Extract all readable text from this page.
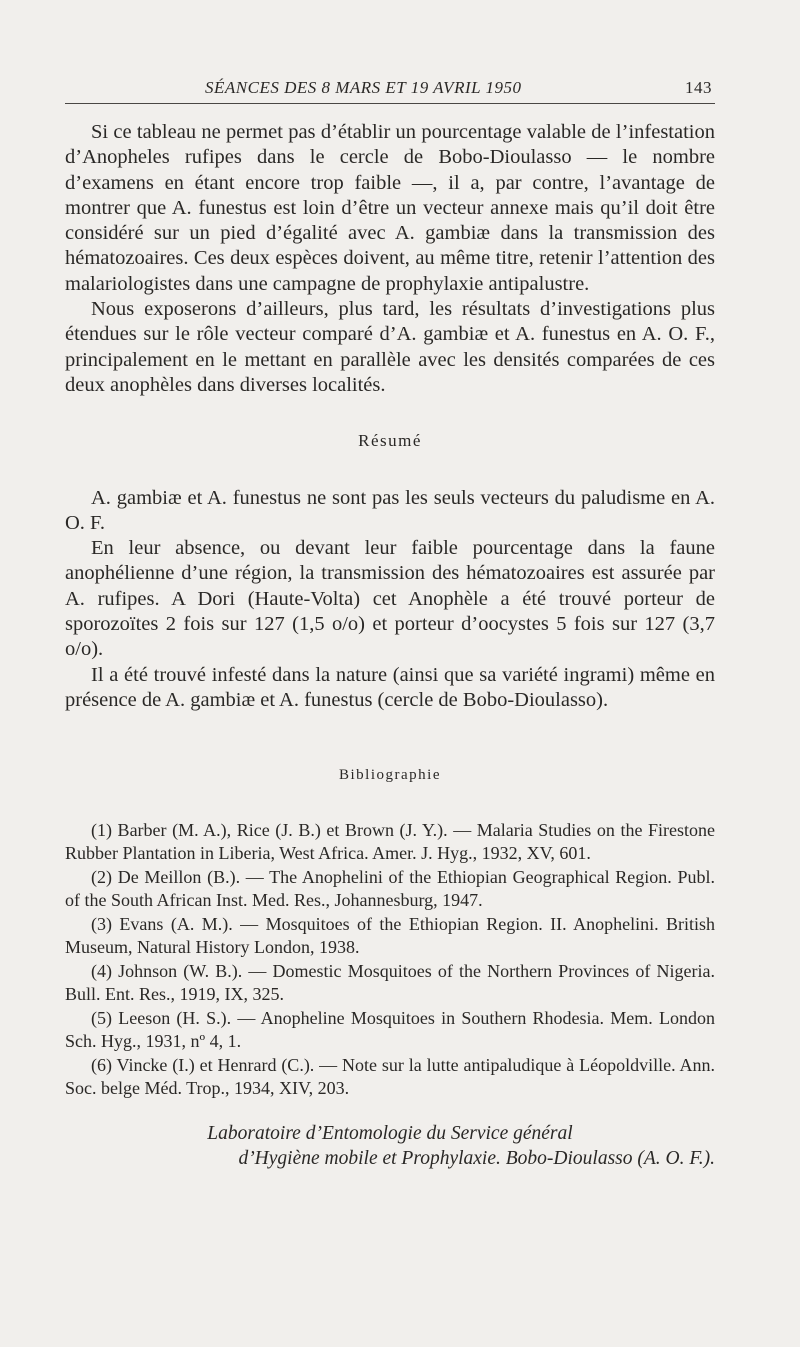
SÉANCES DES 8 MARS ET 19 AVRIL 1950	143

Si ce tableau ne permet pas d’établir un pourcentage valable de l’infestation d’Anopheles rufipes dans le cercle de Bobo-Dioulasso — le nombre d’examens en étant encore trop faible —, il a, par contre, l’avantage de montrer que A. funestus est loin d’être un vecteur annexe mais qu’il doit être considéré sur un pied d’égalité avec A. gambiæ dans la transmission des hématozoaires. Ces deux espèces doivent, au même titre, retenir l’attention des malariologistes dans une campagne de prophylaxie antipalustre.

Nous exposerons d’ailleurs, plus tard, les résultats d’investigations plus étendues sur le rôle vecteur comparé d’A. gambiæ et A. funestus en A. O. F., principalement en le mettant en parallèle avec les densités comparées de ces deux anophèles dans diverses localités.

Résumé

A. gambiæ et A. funestus ne sont pas les seuls vecteurs du paludisme en A. O. F.

En leur absence, ou devant leur faible pourcentage dans la faune anophélienne d’une région, la transmission des hématozoaires est assurée par A. rufipes. A Dori (Haute-Volta) cet Anophèle a été trouvé porteur de sporozoïtes 2 fois sur 127 (1,5 o/o) et porteur d’oocystes 5 fois sur 127 (3,7 o/o).

Il a été trouvé infesté dans la nature (ainsi que sa variété ingrami) même en présence de A. gambiæ et A. funestus (cercle de Bobo-Dioulasso).

Bibliographie

(1) Barber (M. A.), Rice (J. B.) et Brown (J. Y.). — Malaria Studies on the Firestone Rubber Plantation in Liberia, West Africa. Amer. J. Hyg., 1932, XV, 601.

(2) De Meillon (B.). — The Anophelini of the Ethiopian Geographical Region. Publ. of the South African Inst. Med. Res., Johannesburg, 1947.

(3) Evans (A. M.). — Mosquitoes of the Ethiopian Region. II. Anophelini. British Museum, Natural History London, 1938.

(4) Johnson (W. B.). — Domestic Mosquitoes of the Northern Provinces of Nigeria. Bull. Ent. Res., 1919, IX, 325.

(5) Leeson (H. S.). — Anopheline Mosquitoes in Southern Rhodesia. Mem. London Sch. Hyg., 1931, nº 4, 1.

(6) Vincke (I.) et Henrard (C.). — Note sur la lutte antipaludique à Léopoldville. Ann. Soc. belge Méd. Trop., 1934, XIV, 203.

Laboratoire d’Entomologie du Service général
d’Hygiène mobile et Prophylaxie. Bobo-Dioulasso (A. O. F.).
